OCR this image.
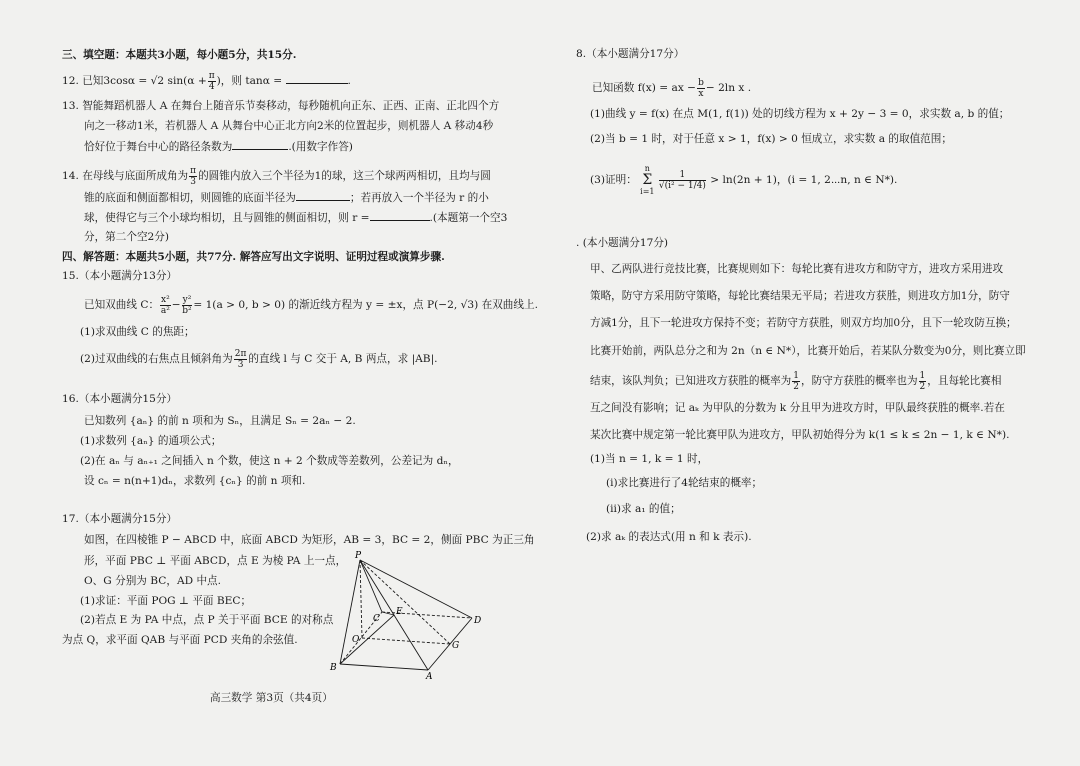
三、填空题：本题共3小题，每小题5分，共15分.
12. 已知3cosα = √2 $\sin(\alpha + \frac{\pi}{4}$ )，则 tanα =	.
13. 智能舞蹈机器人 A 在舞台上随音乐节奏移动，每秒随机向正东、正西、正南、正北四个方
向之一移动1米，若机器人 A 从舞台中心正北方向2米的位置起步，则机器人 A 移动4秒
恰好位于舞台中心的路径条数为	.(用数字作答)
14. 在母线与底面所成角为 $\frac{\pi}{3}$ 的圆锥内放入三个半径为1的球，这三个球两两相切，且均与圆
锥的底面和侧面都相切，则圆锥的底面半径为	；若再放入一个半径为 r 的小
球，使得它与三个小球均相切，且与圆锥的侧面相切，则 r =	.(本题第一个空3
分，第二个空2分)
四、解答题：本题共5小题，共77分. 解答应写出文字说明、证明过程或演算步骤.
15.（本小题满分13分）
已知双曲线 C： $\frac{\text{x²}}{\text{a²}} - \frac{\text{y²}}{\text{b²}} = 1(a > 0$, b > 0) 的渐近线方程为 y = ±x，点 P(−2, √3) 在双曲线上.
(1)求双曲线 C 的焦距；
(2)过双曲线的右焦点且倾斜角为 $\frac{2\pi}{3}$ 的直线 l 与 C 交于 A, B 两点，求 |AB|.
16.（本小题满分15分）
已知数列 {aₙ} 的前 n 项和为 Sₙ，且满足 Sₙ = 2aₙ − 2.
(1)求数列 {aₙ} 的通项公式；
(2)在 aₙ 与 aₙ₊₁ 之间插入 n 个数，使这 n + 2 个数成等差数列，公差记为 dₙ，
设 cₙ = n(n+1)dₙ，求数列 {cₙ} 的前 n 项和.
17.（本小题满分15分）
如图，在四棱锥 P − ABCD 中，底面 ABCD 为矩形，AB = 3，BC = 2，侧面 PBC 为正三角
形，平面 PBC ⊥ 平面 ABCD，点 E 为棱 PA 上一点，
O、G 分别为 BC，AD 中点.
(1)求证：平面 POG ⊥ 平面 BEC；
(2)若点 E 为 PA 中点，点 P 关于平面 BCE 的对称点
为点 Q，求平面 QAB 与平面 PCD 夹角的余弦值.
P
E
C	D
O
G
B
A
8.（本小题满分17分）
已知函数 f(x) = ax − $\frac{b}{x} - 2\ln$ x .
(1)曲线 y = f(x) 在点 M(1, f(1)) 处的切线方程为 x + 2y − 3 = 0，求实数 a, b 的值；
(2)当 b = 1 时，对于任意 x > 1，f(x) > 0 恒成立，求实数 a 的取值范围；
(3)证明：
n
Σ
i=1

$\frac{1}{\text{√(i² − 1/4)}} > \ln(2n + 1)$，(i = 1, 2⋯n, n ∈ N*).
. (本小题满分17分)
甲、乙两队进行竞技比赛，比赛规则如下：每轮比赛有进攻方和防守方，进攻方采用进攻
策略，防守方采用防守策略，每轮比赛结果无平局；若进攻方获胜，则进攻方加1分，防守
方减1分，且下一轮进攻方保持不变；若防守方获胜，则双方均加0分，且下一轮攻防互换；
比赛开始前，两队总分之和为 2n（n ∈ N*），比赛开始后，若某队分数变为0分，则比赛立即
结束，该队判负；已知进攻方获胜的概率为 $\frac{1}{2}$ ，防守方获胜的概率也为 $\frac{1}{2}$ ，且每轮比赛相
互之间没有影响；记 aₖ 为甲队的分数为 k 分且甲为进攻方时，甲队最终获胜的概率.若在
某次比赛中规定第一轮比赛甲队为进攻方，甲队初始得分为 k(1 ≤ k ≤ 2n − 1, k ∈ N*).
(1)当 n = 1, k = 1 时，
(i)求比赛进行了4轮结束的概率；
(ii)求 a₁ 的值；
(2)求 aₖ 的表达式(用 n 和 k 表示).
高三数学 第3页（共4页）
